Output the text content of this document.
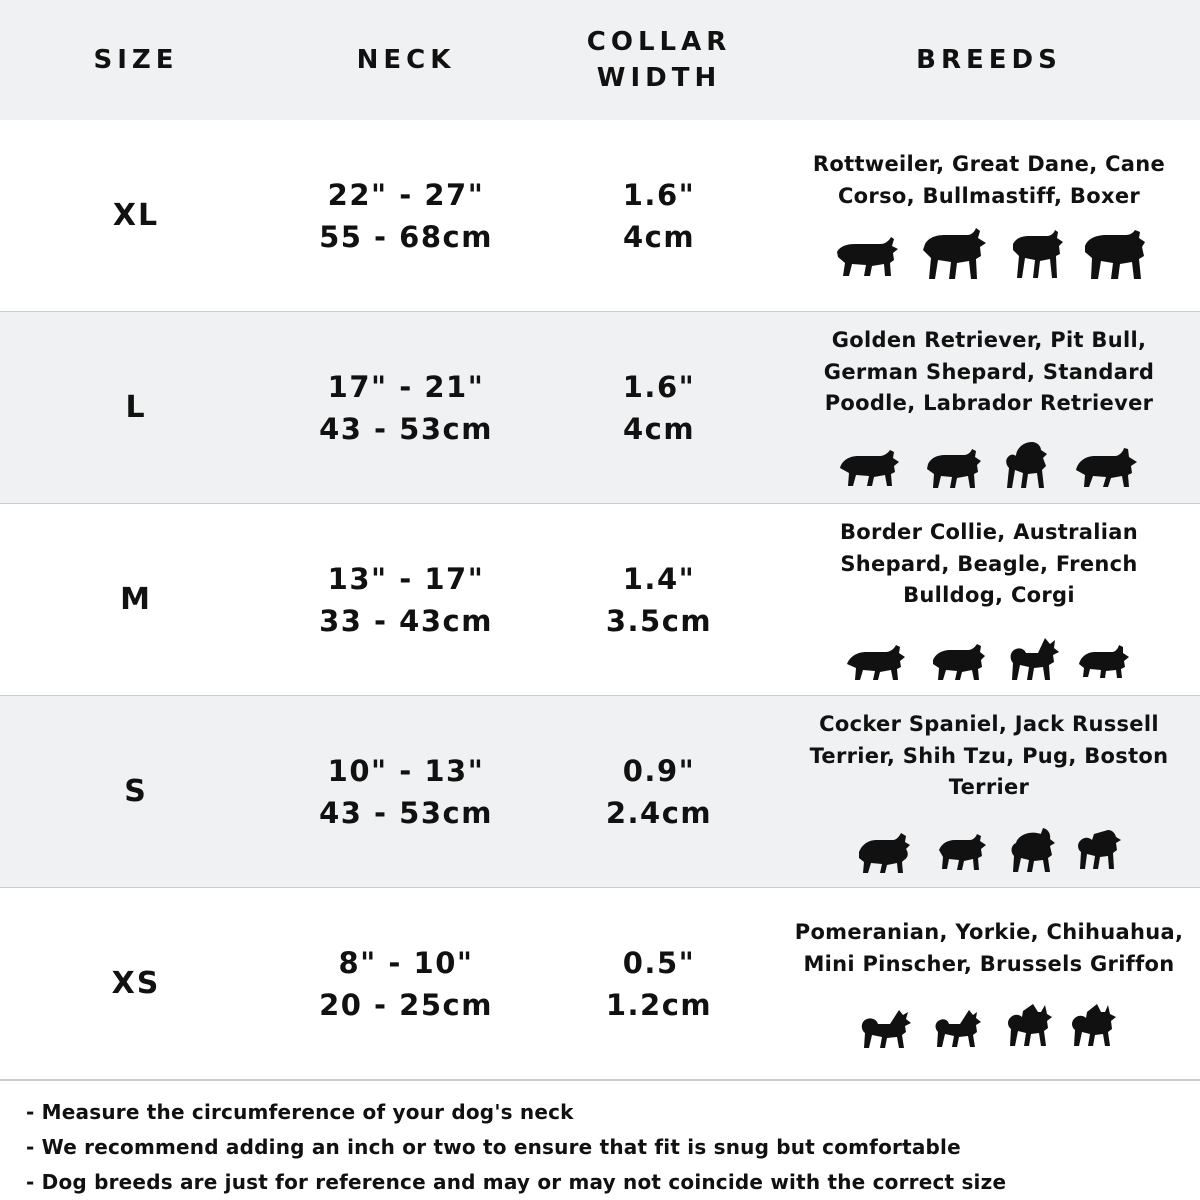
SIZE	NECK
COLLAR
WIDTH
BREEDS
XL
22" - 27"
55 - 68cm
1.6"
4cm
Rottweiler, Great Dane, Cane Corso, Bullmastiff, Boxer
L
17" - 21"
43 - 53cm
1.6"
4cm
Golden Retriever, Pit Bull, German Shepard, Standard Poodle, Labrador Retriever
M
13" - 17"
33 - 43cm
1.4"
3.5cm
Border Collie, Australian Shepard, Beagle, French Bulldog, Corgi
S
10" - 13"
43 - 53cm
0.9"
2.4cm
Cocker Spaniel, Jack Russell Terrier, Shih Tzu, Pug, Boston Terrier
XS
8" - 10"
20 - 25cm
0.5"
1.2cm
Pomeranian, Yorkie, Chihuahua, Mini Pinscher, Brussels Griffon
- Measure the circumference of your dog's neck
- We recommend adding an inch or two to ensure that fit is snug but comfortable
- Dog breeds are just for reference and may or may not coincide with the correct size
